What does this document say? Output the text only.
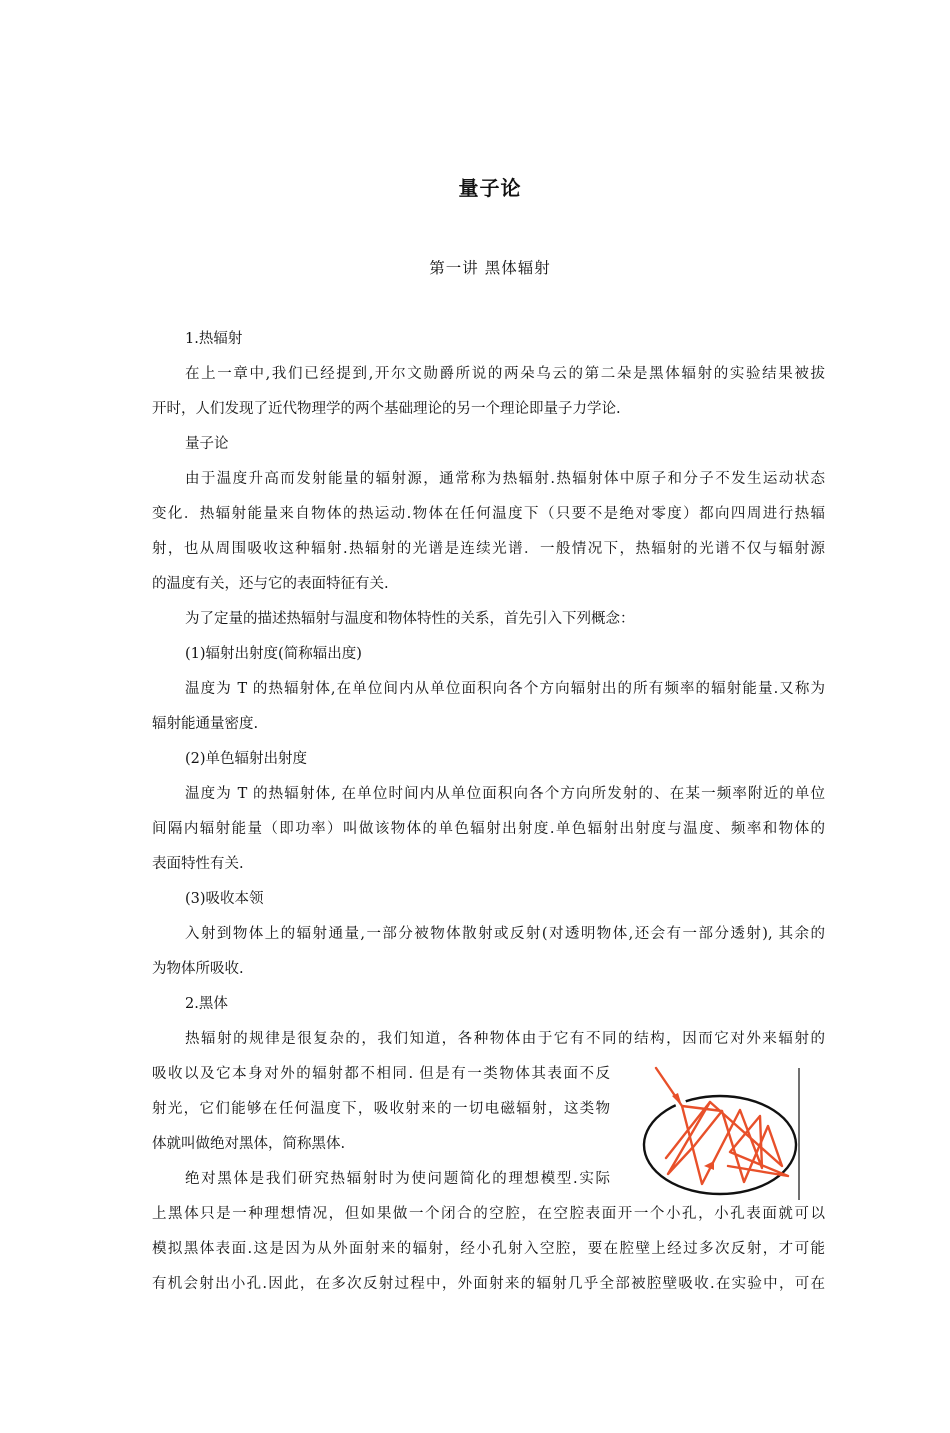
量子论
第一讲 黑体辐射
1.热辐射
在上一章中,我们已经提到,开尔文勋爵所说的两朵乌云的第二朵是黑体辐射的实验结果被拔
开时，人们发现了近代物理学的两个基础理论的另一个理论即量子力学论.
量子论
由于温度升高而发射能量的辐射源，通常称为热辐射.热辐射体中原子和分子不发生运动状态
变化．热辐射能量来自物体的热运动.物体在任何温度下（只要不是绝对零度）都向四周进行热辐
射，也从周围吸收这种辐射.热辐射的光谱是连续光谱．一般情况下，热辐射的光谱不仅与辐射源
的温度有关，还与它的表面特征有关.
为了定量的描述热辐射与温度和物体特性的关系，首先引入下列概念：
(1)辐射出射度(简称辐出度)
温度为 T 的热辐射体,在单位间内从单位面积向各个方向辐射出的所有频率的辐射能量.又称为
辐射能通量密度.
(2)单色辐射出射度
温度为 T 的热辐射体, 在单位时间内从单位面积向各个方向所发射的、在某一频率附近的单位
间隔内辐射能量（即功率）叫做该物体的单色辐射出射度.单色辐射出射度与温度、频率和物体的
表面特性有关.
(3)吸收本领
入射到物体上的辐射通量,一部分被物体散射或反射(对透明物体,还会有一部分透射), 其余的
为物体所吸收.
2.黑体
热辐射的规律是很复杂的，我们知道，各种物体由于它有不同的结构，因而它对外来辐射的
吸收以及它本身对外的辐射都不相同. 但是有一类物体其表面不反
射光，它们能够在任何温度下，吸收射来的一切电磁辐射，这类物
体就叫做绝对黑体，简称黑体.
绝对黑体是我们研究热辐射时为使问题简化的理想模型.实际
上黑体只是一种理想情况，但如果做一个闭合的空腔，在空腔表面开一个小孔，小孔表面就可以
模拟黑体表面.这是因为从外面射来的辐射，经小孔射入空腔，要在腔壁上经过多次反射，才可能
有机会射出小孔.因此，在多次反射过程中，外面射来的辐射几乎全部被腔壁吸收.在实验中，可在
